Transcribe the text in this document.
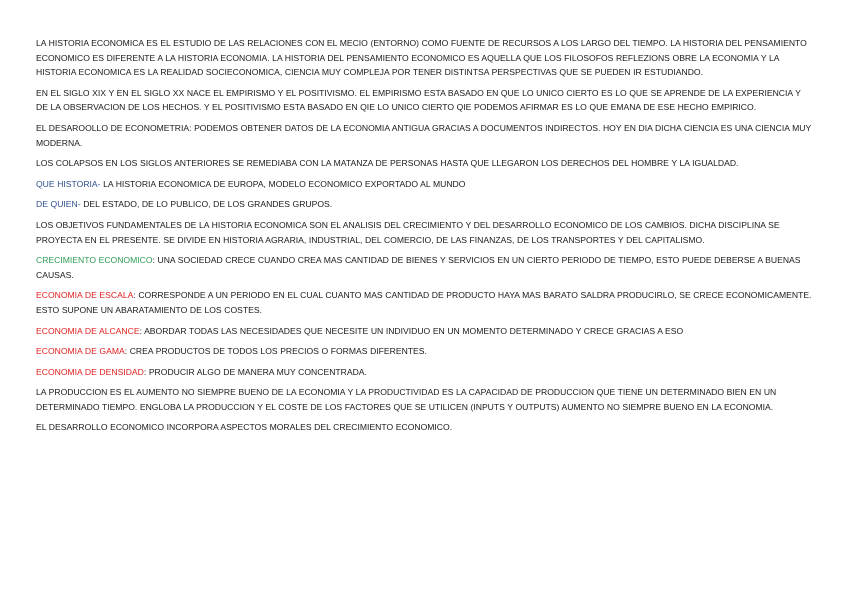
LA HISTORIA ECONOMICA ES EL ESTUDIO DE LAS RELACIONES CON EL MECIO (ENTORNO) COMO FUENTE DE RECURSOS A LOS LARGO DEL TIEMPO. LA HISTORIA DEL PENSAMIENTO ECONOMICO ES DIFERENTE A LA HISTORIA ECONOMIA. LA HISTORIA DEL PENSAMIENTO ECONOMICO ES AQUELLA QUE LOS FILOSOFOS REFLEZIONS OBRE LA ECONOMIA Y LA HISTORIA ECONOMICA ES LA REALIDAD SOCIECONOMICA, CIENCIA MUY COMPLEJA POR TENER DISTINTSA PERSPECTIVAS QUE SE PUEDEN IR ESTUDIANDO.

EN EL SIGLO XIX Y EN EL SIGLO XX NACE EL EMPIRISMO Y EL POSITIVISMO. EL EMPIRISMO ESTA BASADO EN QUE LO UNICO CIERTO ES LO QUE SE APRENDE DE LA EXPERIENCIA Y DE LA OBSERVACION DE LOS HECHOS. Y EL POSITIVISMO ESTA BASADO EN QIE LO UNICO CIERTO QIE PODEMOS AFIRMAR ES LO QUE EMANA DE ESE HECHO EMPIRICO.

EL DESAROOLLO DE ECONOMETRIA: PODEMOS OBTENER DATOS DE LA ECONOMIA ANTIGUA GRACIAS A DOCUMENTOS INDIRECTOS. HOY EN DIA DICHA CIENCIA ES UNA CIENCIA MUY MODERNA.

LOS COLAPSOS EN LOS SIGLOS ANTERIORES SE REMEDIABA CON LA MATANZA DE PERSONAS HASTA QUE LLEGARON LOS DERECHOS DEL HOMBRE Y LA IGUALDAD.

QUE HISTORIA- LA HISTORIA ECONOMICA DE EUROPA, MODELO ECONOMICO EXPORTADO AL MUNDO

DE QUIEN- DEL ESTADO, DE LO PUBLICO, DE LOS GRANDES GRUPOS.

LOS OBJETIVOS FUNDAMENTALES DE LA HISTORIA ECONOMICA SON EL ANALISIS DEL CRECIMIENTO Y DEL DESARROLLO ECONOMICO DE LOS CAMBIOS. DICHA DISCIPLINA SE PROYECTA EN EL PRESENTE. SE DIVIDE EN HISTORIA AGRARIA, INDUSTRIAL, DEL COMERCIO, DE LAS FINANZAS, DE LOS TRANSPORTES Y DEL CAPITALISMO.

CRECIMIENTO ECONOMICO: UNA SOCIEDAD CRECE CUANDO CREA MAS CANTIDAD DE BIENES Y SERVICIOS EN UN CIERTO PERIODO DE TIEMPO, ESTO PUEDE DEBERSE A BUENAS CAUSAS.

ECONOMIA DE ESCALA: CORRESPONDE A UN PERIODO EN EL CUAL CUANTO MAS CANTIDAD DE PRODUCTO HAYA MAS BARATO SALDRA PRODUCIRLO, SE CRECE ECONOMICAMENTE. ESTO SUPONE UN ABARATAMIENTO DE LOS COSTES.

ECONOMIA DE ALCANCE: ABORDAR TODAS LAS NECESIDADES QUE NECESITE UN INDIVIDUO EN UN MOMENTO DETERMINADO Y CRECE GRACIAS A ESO

ECONOMIA DE GAMA: CREA PRODUCTOS DE TODOS LOS PRECIOS O FORMAS DIFERENTES.

ECONOMIA DE DENSIDAD: PRODUCIR ALGO DE MANERA MUY CONCENTRADA.

LA PRODUCCION ES EL AUMENTO NO SIEMPRE BUENO DE LA ECONOMIA Y LA PRODUCTIVIDAD ES LA CAPACIDAD DE PRODUCCION QUE TIENE UN DETERMINADO BIEN EN UN DETERMINADO TIEMPO. ENGLOBA LA PRODUCCION Y EL COSTE DE LOS FACTORES QUE SE UTILICEN (INPUTS Y OUTPUTS) AUMENTO NO SIEMPRE BUENO EN LA ECONOMIA.

EL DESARROLLO ECONOMICO INCORPORA ASPECTOS MORALES DEL CRECIMIENTO ECONOMICO.
